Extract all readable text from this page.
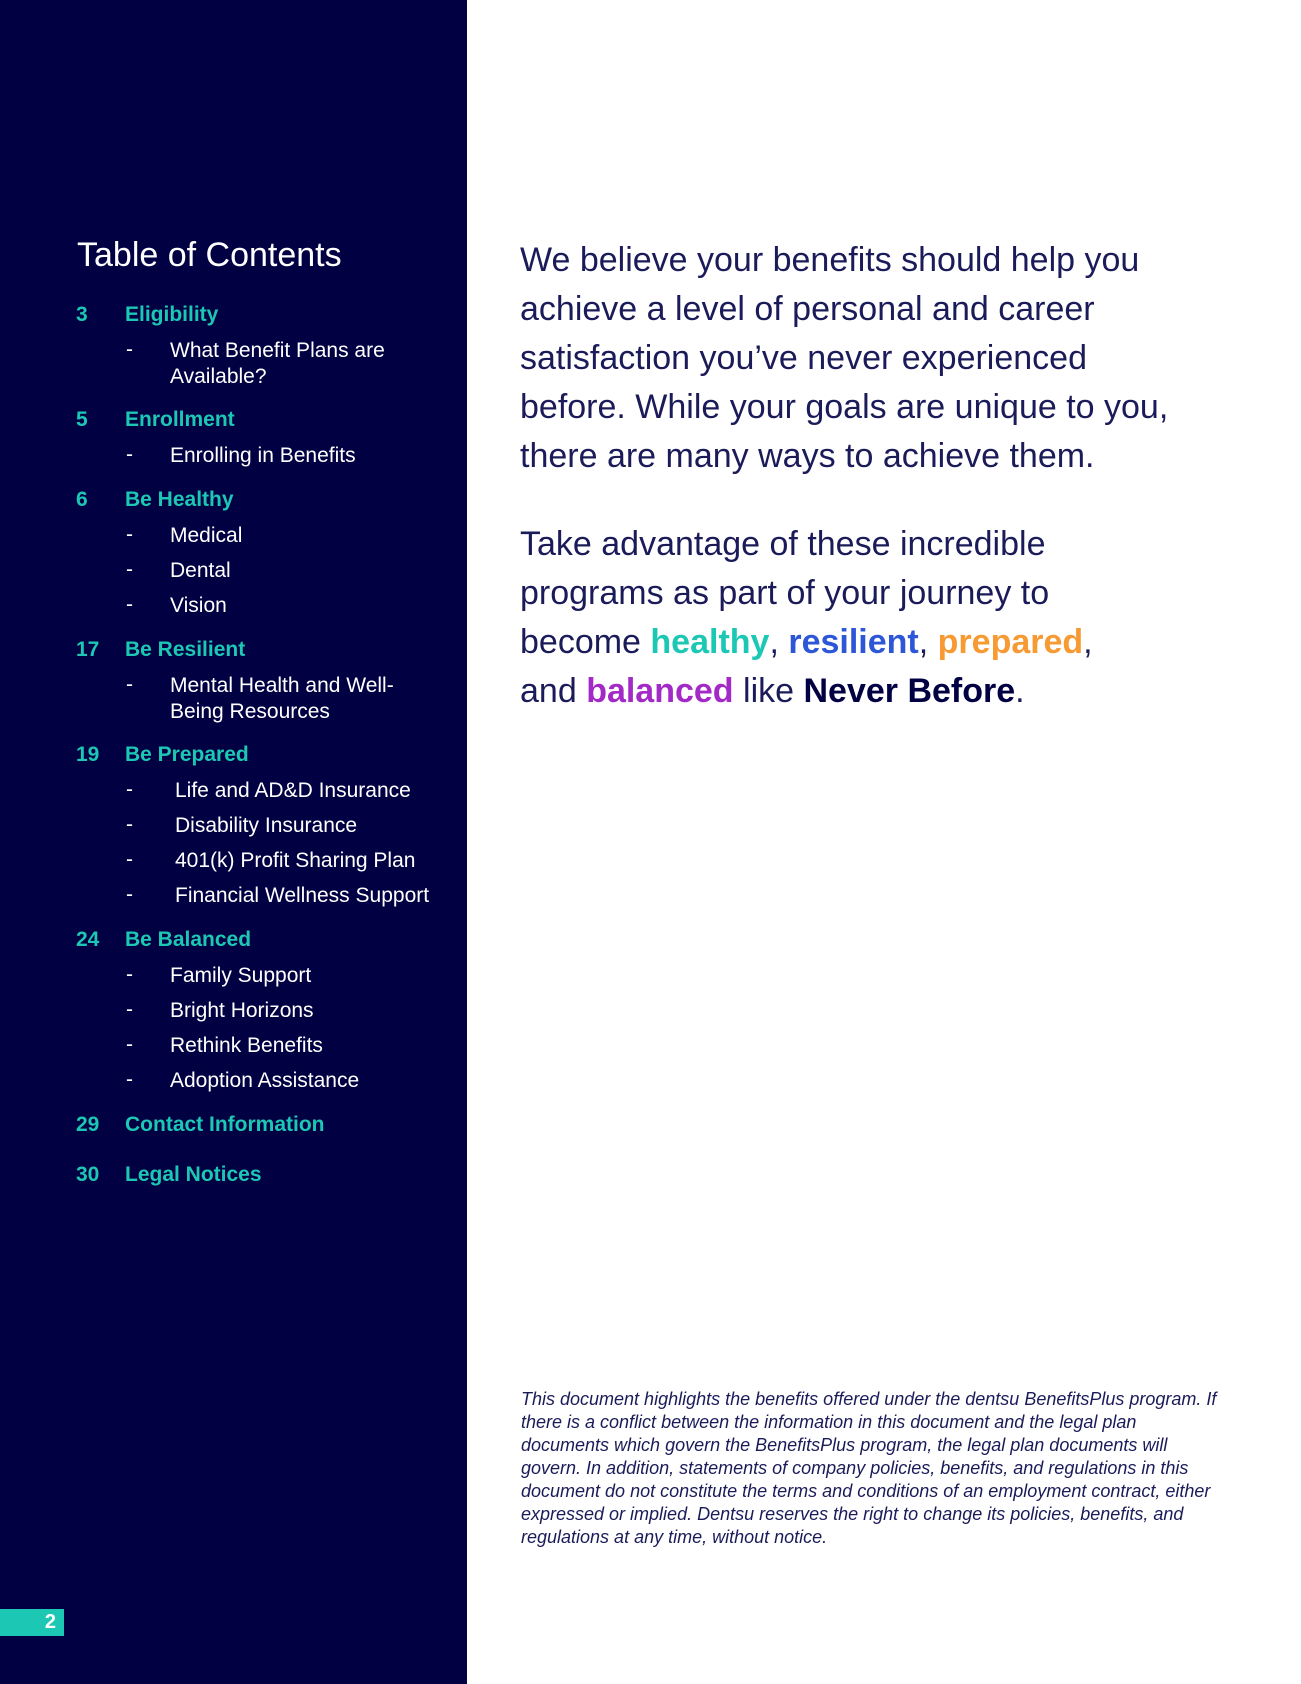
Table of Contents
3 Eligibility
- What Benefit Plans are Available?
5 Enrollment
- Enrolling in Benefits
6 Be Healthy
- Medical
- Dental
- Vision
17 Be Resilient
- Mental Health and Well-Being Resources
19 Be Prepared
- Life and AD&D Insurance
- Disability Insurance
- 401(k) Profit Sharing Plan
- Financial Wellness Support
24 Be Balanced
- Family Support
- Bright Horizons
- Rethink Benefits
- Adoption Assistance
29 Contact Information
30 Legal Notices
2

We believe your benefits should help you achieve a level of personal and career satisfaction you’ve never experienced before. While your goals are unique to you, there are many ways to achieve them.

Take advantage of these incredible programs as part of your journey to become healthy, resilient, prepared,
and balanced like Never Before.

This document highlights the benefits offered under the dentsu BenefitsPlus program. If there is a conflict between the information in this document and the legal plan documents which govern the BenefitsPlus program, the legal plan documents will govern. In addition, statements of company policies, benefits, and regulations in this document do not constitute the terms and conditions of an employment contract, either expressed or implied. Dentsu reserves the right to change its policies, benefits, and regulations at any time, without notice.
